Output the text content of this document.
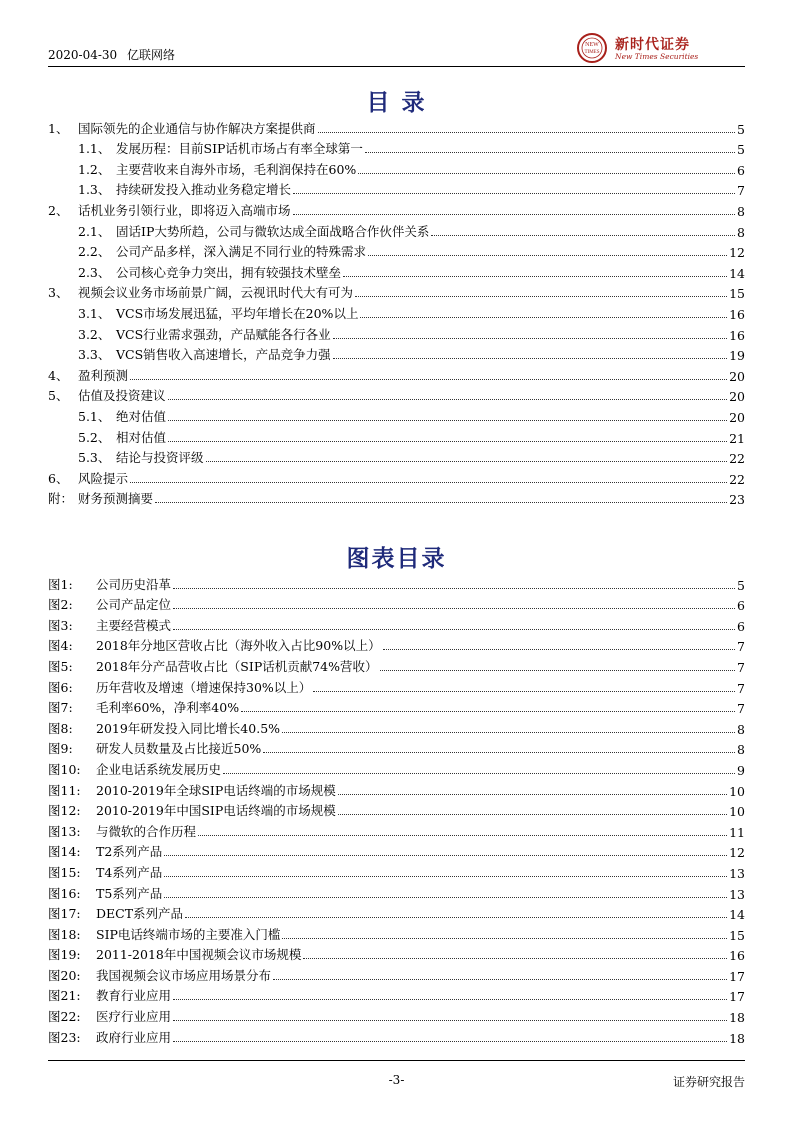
2020-04-30 亿联网络
NEW
TIMES 新时代证券
New Times Securities
目 录
1、 国际领先的企业通信与协作解决方案提供商	5
1.1、 发展历程：目前SIP话机市场占有率全球第一	5
1.2、 主要营收来自海外市场，毛利润保持在60%	6
1.3、 持续研发投入推动业务稳定增长	7
2、 话机业务引领行业，即将迈入高端市场	8
2.1、 固话IP大势所趋，公司与微软达成全面战略合作伙伴关系	8
2.2、 公司产品多样，深入满足不同行业的特殊需求	12
2.3、 公司核心竞争力突出，拥有较强技术壁垒	14
3、 视频会议业务市场前景广阔，云视讯时代大有可为	15
3.1、 VCS市场发展迅猛，平均年增长在20%以上	16
3.2、 VCS行业需求强劲，产品赋能各行各业	16
3.3、 VCS销售收入高速增长，产品竞争力强	19
4、 盈利预测	20
5、 估值及投资建议	20
5.1、 绝对估值	20
5.2、 相对估值	21
5.3、 结论与投资评级	22
6、 风险提示	22
附： 财务预测摘要	23
图表目录
图1:	公司历史沿革	5
图2:	公司产品定位	6
图3:	主要经营模式	6
图4:	2018年分地区营收占比（海外收入占比90%以上）	7
图5:	2018年分产品营收占比（SIP话机贡献74%营收）	7
图6:	历年营收及增速（增速保持30%以上）	7
图7:	毛利率60%，净利率40%	7
图8:	2019年研发投入同比增长40.5%	8
图9:	研发人员数量及占比接近50%	8
图10:	企业电话系统发展历史	9
图11:	2010-2019年全球SIP电话终端的市场规模	10
图12:	2010-2019年中国SIP电话终端的市场规模	10
图13:	与微软的合作历程	11
图14:	T2系列产品	12
图15:	T4系列产品	13
图16:	T5系列产品	13
图17:	DECT系列产品	14
图18:	SIP电话终端市场的主要准入门槛	15
图19:	2011-2018年中国视频会议市场规模	16
图20:	我国视频会议市场应用场景分布	17
图21:	教育行业应用	17
图22:	医疗行业应用	18
图23:	政府行业应用	18
-3-	证券研究报告
